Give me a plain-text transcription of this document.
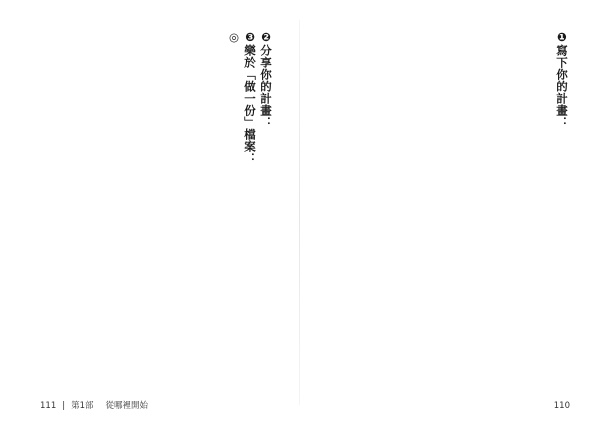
❷分享你的計畫：

❸樂於「做一份」檔案：

◎

111 | 第1部 從哪裡開始

❶寫下你的計畫：

110
